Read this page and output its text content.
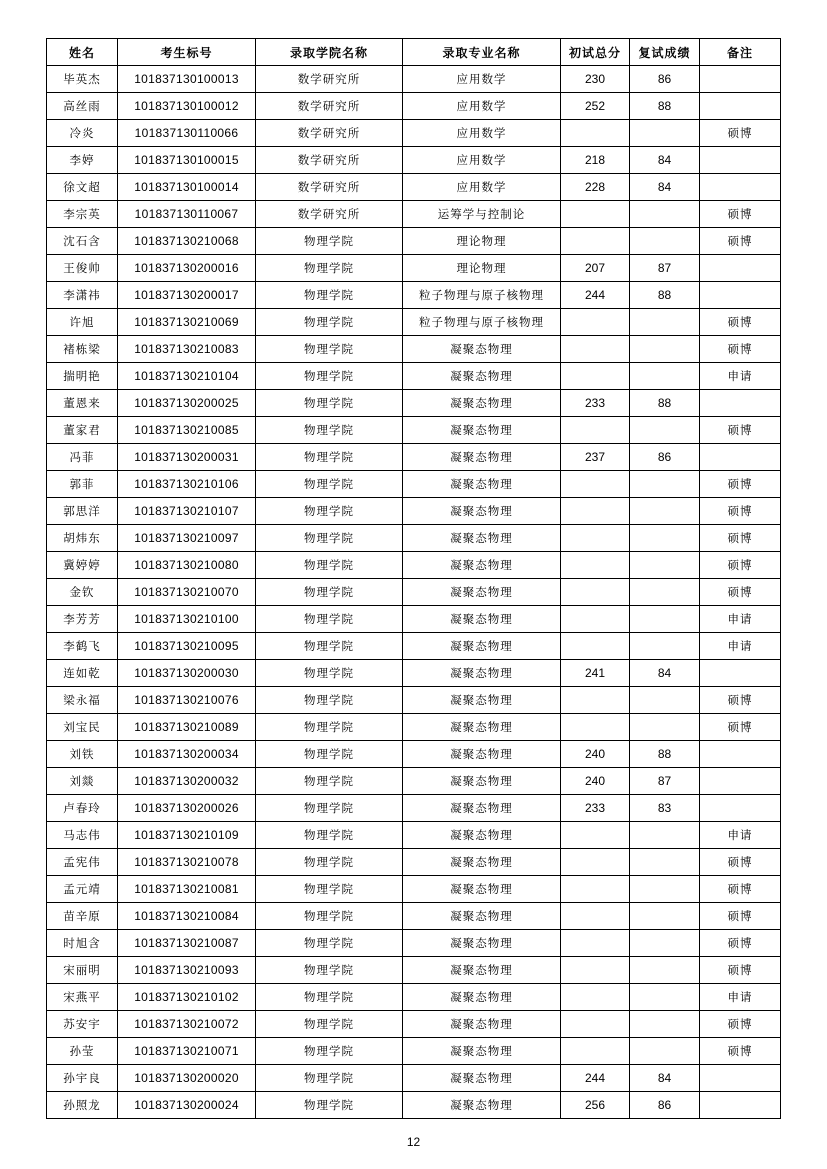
姓名	考生标号	录取学院名称	录取专业名称	初试总分	复试成绩	备注
毕英杰	101837130100013	数学研究所	应用数学	230	86	
高丝雨	101837130100012	数学研究所	应用数学	252	88	
冷炎	101837130110066	数学研究所	应用数学			硕博
李婷	101837130100015	数学研究所	应用数学	218	84	
徐文超	101837130100014	数学研究所	应用数学	228	84	
李宗英	101837130110067	数学研究所	运筹学与控制论			硕博
沈石含	101837130210068	物理学院	理论物理			硕博
王俊帅	101837130200016	物理学院	理论物理	207	87	
李潇祎	101837130200017	物理学院	粒子物理与原子核物理	244	88	
许旭	101837130210069	物理学院	粒子物理与原子核物理			硕博
褚栋梁	101837130210083	物理学院	凝聚态物理			硕博
揣明艳	101837130210104	物理学院	凝聚态物理			申请
董恩来	101837130200025	物理学院	凝聚态物理	233	88	
董家君	101837130210085	物理学院	凝聚态物理			硕博
冯菲	101837130200031	物理学院	凝聚态物理	237	86	
郭菲	101837130210106	物理学院	凝聚态物理			硕博
郭思洋	101837130210107	物理学院	凝聚态物理			硕博
胡炜东	101837130210097	物理学院	凝聚态物理			硕博
冀婷婷	101837130210080	物理学院	凝聚态物理			硕博
金钦	101837130210070	物理学院	凝聚态物理			硕博
李芳芳	101837130210100	物理学院	凝聚态物理			申请
李鹤飞	101837130210095	物理学院	凝聚态物理			申请
连如乾	101837130200030	物理学院	凝聚态物理	241	84	
梁永福	101837130210076	物理学院	凝聚态物理			硕博
刘宝民	101837130210089	物理学院	凝聚态物理			硕博
刘铁	101837130200034	物理学院	凝聚态物理	240	88	
刘燚	101837130200032	物理学院	凝聚态物理	240	87	
卢春玲	101837130200026	物理学院	凝聚态物理	233	83	
马志伟	101837130210109	物理学院	凝聚态物理			申请
孟宪伟	101837130210078	物理学院	凝聚态物理			硕博
孟元靖	101837130210081	物理学院	凝聚态物理			硕博
苗辛原	101837130210084	物理学院	凝聚态物理			硕博
时旭含	101837130210087	物理学院	凝聚态物理			硕博
宋丽明	101837130210093	物理学院	凝聚态物理			硕博
宋燕平	101837130210102	物理学院	凝聚态物理			申请
苏安宇	101837130210072	物理学院	凝聚态物理			硕博
孙莹	101837130210071	物理学院	凝聚态物理			硕博
孙宇良	101837130200020	物理学院	凝聚态物理	244	84	
孙照龙	101837130200024	物理学院	凝聚态物理	256	86	
12
